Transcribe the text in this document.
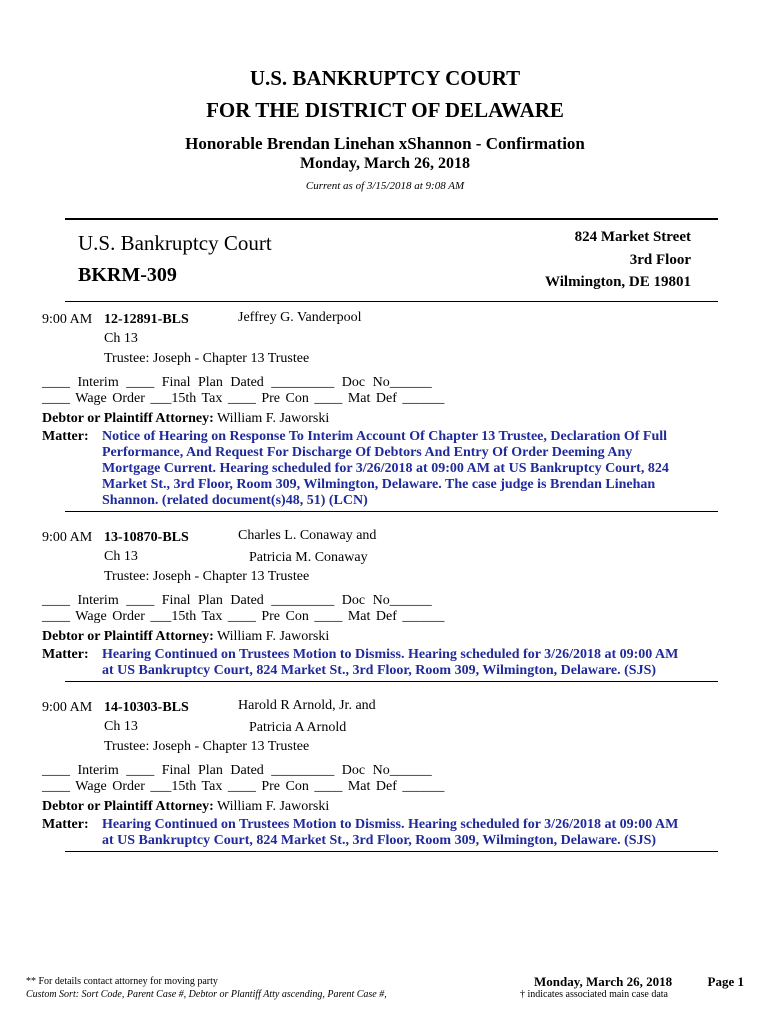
U.S. BANKRUPTCY COURT
FOR THE DISTRICT OF DELAWARE
Honorable Brendan Linehan xShannon - Confirmation
Monday, March 26, 2018
Current as of 3/15/2018 at 9:08 AM
U.S. Bankruptcy Court
BKRM-309
824 Market Street
3rd Floor
Wilmington, DE 19801
9:00 AM 12-12891-BLS	Jeffrey G. Vanderpool
Ch 13
Trustee: Joseph - Chapter 13 Trustee
____ Interim ____ Final Plan Dated _________ Doc No______
____ Wage Order ___15th Tax ____ Pre Con ____ Mat Def ______
Debtor or Plaintiff Attorney: William F. Jaworski
Matter: Notice of Hearing on Response To Interim Account Of Chapter 13 Trustee, Declaration Of Full
Performance, And Request For Discharge Of Debtors And Entry Of Order Deeming Any
Mortgage Current. Hearing scheduled for 3/26/2018 at 09:00 AM at US Bankruptcy Court, 824
Market St., 3rd Floor, Room 309, Wilmington, Delaware. The case judge is Brendan Linehan
Shannon. (related document(s)48, 51) (LCN)
9:00 AM 13-10870-BLS	Charles L. Conaway and
Patricia M. Conaway
Ch 13
Trustee: Joseph - Chapter 13 Trustee
____ Interim ____ Final Plan Dated _________ Doc No______
____ Wage Order ___15th Tax ____ Pre Con ____ Mat Def ______
Debtor or Plaintiff Attorney: William F. Jaworski
Matter: Hearing Continued on Trustees Motion to Dismiss. Hearing scheduled for 3/26/2018 at 09:00 AM
at US Bankruptcy Court, 824 Market St., 3rd Floor, Room 309, Wilmington, Delaware. (SJS)
9:00 AM 14-10303-BLS	Harold R Arnold, Jr. and
Patricia A Arnold
Ch 13
Trustee: Joseph - Chapter 13 Trustee
____ Interim ____ Final Plan Dated _________ Doc No______
____ Wage Order ___15th Tax ____ Pre Con ____ Mat Def ______
Debtor or Plaintiff Attorney: William F. Jaworski
Matter: Hearing Continued on Trustees Motion to Dismiss. Hearing scheduled for 3/26/2018 at 09:00 AM
at US Bankruptcy Court, 824 Market St., 3rd Floor, Room 309, Wilmington, Delaware. (SJS)
** For details contact attorney for moving party
Custom Sort: Sort Code, Parent Case #, Debtor or Plantiff Atty ascending, Parent Case #,
Monday, March 26, 2018
† indicates associated main case data
Page 1
